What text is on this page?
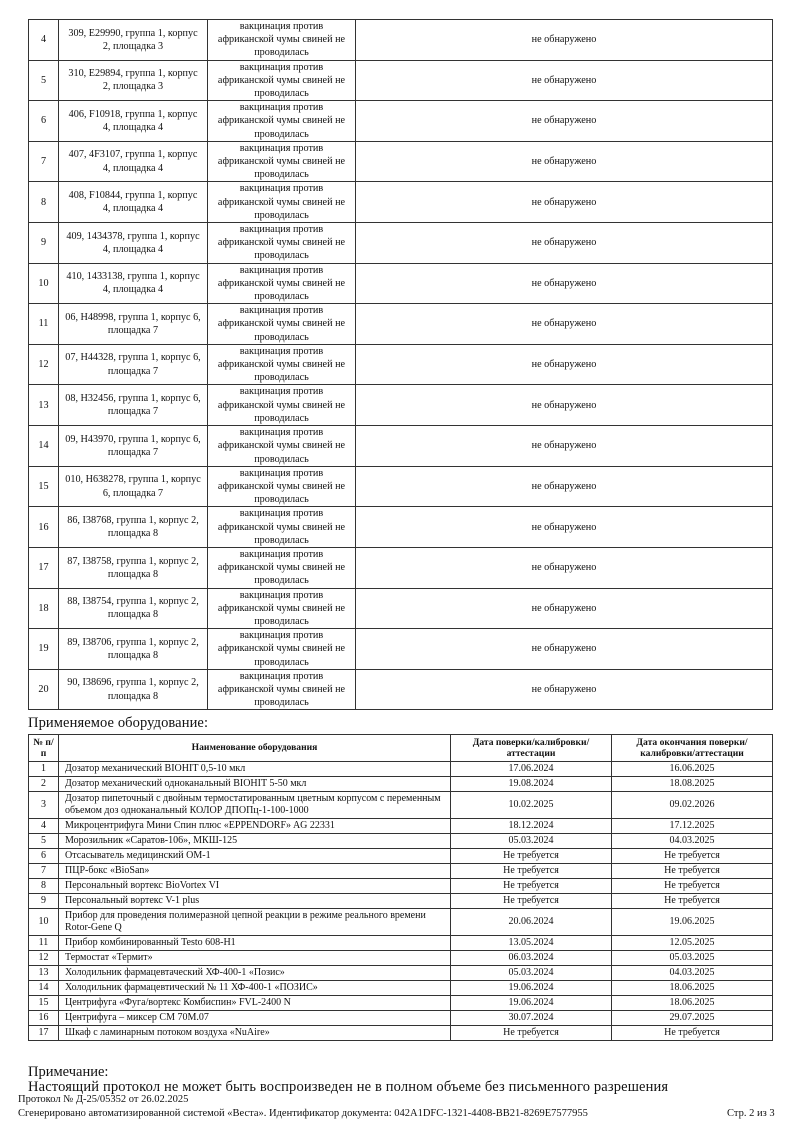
4	309, E29990, группа 1, корпус 2, площадка 3	вакцинация против африканской чумы свиней не проводилась	не обнаружено
5	310, E29894, группа 1, корпус 2, площадка 3	вакцинация против африканской чумы свиней не проводилась	не обнаружено
6	406, F10918, группа 1, корпус 4, площадка 4	вакцинация против африканской чумы свиней не проводилась	не обнаружено
7	407, 4F3107, группа 1, корпус 4, площадка 4	вакцинация против африканской чумы свиней не проводилась	не обнаружено
8	408, F10844, группа 1, корпус 4, площадка 4	вакцинация против африканской чумы свиней не проводилась	не обнаружено
9	409, 1434378, группа 1, корпус 4, площадка 4	вакцинация против африканской чумы свиней не проводилась	не обнаружено
10	410, 1433138, группа 1, корпус 4, площадка 4	вакцинация против африканской чумы свиней не проводилась	не обнаружено
11	06, H48998, группа 1, корпус 6, площадка 7	вакцинация против африканской чумы свиней не проводилась	не обнаружено
12	07, H44328, группа 1, корпус 6, площадка 7	вакцинация против африканской чумы свиней не проводилась	не обнаружено
13	08, H32456, группа 1, корпус 6, площадка 7	вакцинация против африканской чумы свиней не проводилась	не обнаружено
14	09, H43970, группа 1, корпус 6, площадка 7	вакцинация против африканской чумы свиней не проводилась	не обнаружено
15	010, H638278, группа 1, корпус 6, площадка 7	вакцинация против африканской чумы свиней не проводилась	не обнаружено
16	86, I38768, группа 1, корпус 2, площадка 8	вакцинация против африканской чумы свиней не проводилась	не обнаружено
17	87, I38758, группа 1, корпус 2, площадка 8	вакцинация против африканской чумы свиней не проводилась	не обнаружено
18	88, I38754, группа 1, корпус 2, площадка 8	вакцинация против африканской чумы свиней не проводилась	не обнаружено
19	89, I38706, группа 1, корпус 2, площадка 8	вакцинация против африканской чумы свиней не проводилась	не обнаружено
20	90, I38696, группа 1, корпус 2, площадка 8	вакцинация против африканской чумы свиней не проводилась	не обнаружено
Применяемое оборудование:
№ п/п	Наименование оборудования	Дата поверки/калибровки/аттестации	Дата окончания поверки/калибровки/аттестации
1	Дозатор механический BIOHIT 0,5-10 мкл	17.06.2024	16.06.2025
2	Дозатор механический одноканальный BIOHIT 5-50 мкл	19.08.2024	18.08.2025
3	Дозатор пипеточный с двойным термостатированным цветным корпусом с переменным объемом доз одноканальный КОЛОР ДПОПц-1-100-1000	10.02.2025	09.02.2026
4	Микроцентрифуга Мини Спин плюс «EPPENDORF» AG 22331	18.12.2024	17.12.2025
5	Морозильник «Саратов-106», МКШ-125	05.03.2024	04.03.2025
6	Отсасыватель медицинский ОМ-1	Не требуется	Не требуется
7	ПЦР-бокс «BioSan»	Не требуется	Не требуется
8	Персональный вортекс BioVortex VI	Не требуется	Не требуется
9	Персональный вортекс V-1 plus	Не требуется	Не требуется
10	Прибор для проведения полимеразной цепной реакции в режиме реального времени Rotor-Gene Q	20.06.2024	19.06.2025
11	Прибор комбинированный Testo 608-H1	13.05.2024	12.05.2025
12	Термостат «Термит»	06.03.2024	05.03.2025
13	Холодильник фармацевтачеcкий ХФ-400-1 «Позис»	05.03.2024	04.03.2025
14	Холодильник фармацевтический № 11 ХФ-400-1 «ПОЗИС»	19.06.2024	18.06.2025
15	Центрифуга «Фуга/вортекс Комбиспин» FVL-2400 N	19.06.2024	18.06.2025
16	Центрифуга – миксер СМ 70М.07	30.07.2024	29.07.2025
17	Шкаф с ламинарным потоком воздуха «NuAire»	Не требуется	Не требуется
Примечание:
Настоящий протокол не может быть воспроизведен не в полном объеме без письменного разрешения
Протокол № Д-25/05352 от 26.02.2025
Сгенерировано автоматизированной системой «Веста». Идентификатор документа: 042A1DFC-1321-4408-BB21-8269E7577955	Стр. 2 из 3
